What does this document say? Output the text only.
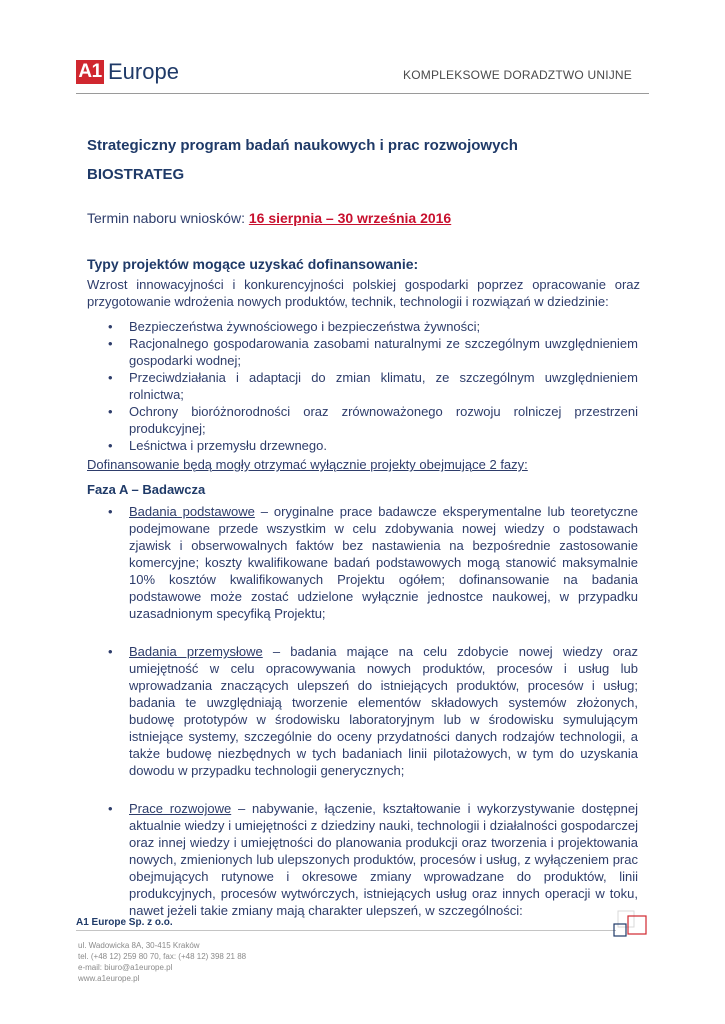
A1 Europe	KOMPLEKSOWE DORADZTWO UNIJNE
Strategiczny program badań naukowych i prac rozwojowych
BIOSTRATEG
Termin naboru wniosków: 16 sierpnia – 30 września 2016
Typy projektów mogące uzyskać dofinansowanie:

Wzrost innowacyjności i konkurencyjności polskiej gospodarki poprzez opracowanie oraz przygotowanie wdrożenia nowych produktów, technik, technologii i rozwiązań w dziedzinie:

• Bezpieczeństwa żywnościowego i bezpieczeństwa żywności;
• Racjonalnego gospodarowania zasobami naturalnymi ze szczególnym uwzględnieniem gospodarki wodnej;
• Przeciwdziałania i adaptacji do zmian klimatu, ze szczególnym uwzględnieniem rolnictwa;
• Ochrony bioróżnorodności oraz zrównoważonego rozwoju rolniczej przestrzeni produkcyjnej;
• Leśnictwa i przemysłu drzewnego.
Dofinansowanie będą mogły otrzymać wyłącznie projekty obejmujące 2 fazy:
Faza A – Badawcza
• Badania podstawowe – oryginalne prace badawcze eksperymentalne lub teoretyczne podejmowane przede wszystkim w celu zdobywania nowej wiedzy o podstawach zjawisk i obserwowalnych faktów bez nastawienia na bezpośrednie zastosowanie komercyjne; koszty kwalifikowane badań podstawowych mogą stanowić maksymalnie 10% kosztów kwalifikowanych Projektu ogółem; dofinansowanie na badania podstawowe może zostać udzielone wyłącznie jednostce naukowej, w przypadku uzasadnionym specyfiką Projektu;
• Badania przemysłowe – badania mające na celu zdobycie nowej wiedzy oraz umiejętność w celu opracowywania nowych produktów, procesów i usług lub wprowadzania znaczących ulepszeń do istniejących produktów, procesów i usług; badania te uwzględniają tworzenie elementów składowych systemów złożonych, budowę prototypów w środowisku laboratoryjnym lub w środowisku symulującym istniejące systemy, szczególnie do oceny przydatności danych rodzajów technologii, a także budowę niezbędnych w tych badaniach linii pilotażowych, w tym do uzyskania dowodu w przypadku technologii generycznych;
• Prace rozwojowe – nabywanie, łączenie, kształtowanie i wykorzystywanie dostępnej aktualnie wiedzy i umiejętności z dziedziny nauki, technologii i działalności gospodarczej oraz innej wiedzy i umiejętności do planowania produkcji oraz tworzenia i projektowania nowych, zmienionych lub ulepszonych produktów, procesów i usług, z wyłączeniem prac obejmujących rutynowe i okresowe zmiany wprowadzane do produktów, linii produkcyjnych, procesów wytwórczych, istniejących usług oraz innych operacji w toku, nawet jeżeli takie zmiany mają charakter ulepszeń, w szczególności:
A1 Europe Sp. z o.o.
ul. Wadowicka 8A, 30-415 Kraków
tel. (+48 12) 259 80 70, fax: (+48 12) 398 21 88
e-mail: biuro@a1europe.pl
www.a1europe.pl
